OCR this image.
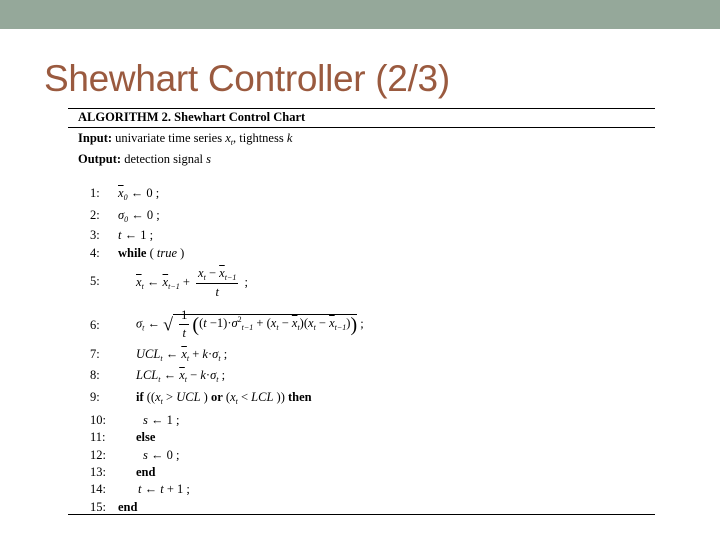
Shewhart Controller (2/3)
ALGORITHM 2. Shewhart Control Chart
Input: univariate time series $x_t$, tightness k
Output: detection signal s
1: $\overline{x}_0$ ← 0 ;
2: $\sigma_0$ ← 0 ;
3: t ← 1 ;
4: while ( true )
5:	$\overline{x}_t$ ← $\overline{x}_{t-1} + \frac{x_t - \overline{x}_{t-1}}{t}$ ;
6:	$\sigma_t$ ← √ $\frac{1}{t} ((t -1)\cdot\sigma^2_{t-1} + (x_t - \overline{x}_t)(x_t - \overline{x}_{t-1}))$ ;
7:	$UCL_t$ ← $\overline{x}_t + k\cdot\sigma_t$ ;
8:	$LCL_t$ ← $\overline{x}_t - k\cdot\sigma_t$ ;
9:	if (($x_t$ > UCL ) or ($x_t$ < LCL )) then
10:	s ← 1 ;
11: else
12:	s ← 0 ;
13: end
14:	t ← t + 1 ;
15: end
